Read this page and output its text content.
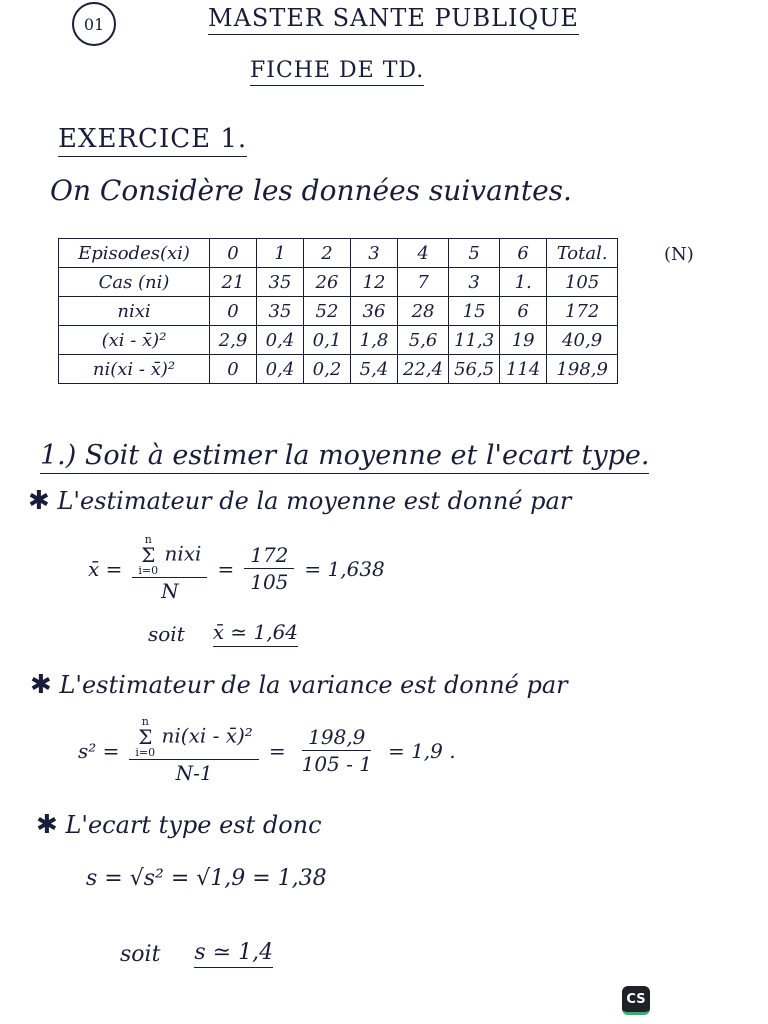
01	MASTER SANTE PUBLIQUE
FICHE DE TD.
EXERCICE 1.
On Considère les données suivantes.
Episodes(xi)	0	1	2	3	4	5	6	Total.
Cas (ni)	21	35	26	12	7	3	1.	105
nixi	0	35	52	36	28	15	6	172
(xi - x̄)²	2,9	0,4	0,1	1,8	5,6	11,3	19	40,9
ni(xi - x̄)²	0	0,4	0,2	5,4	22,4	56,5	114	198,9
(N)
1.) Soit à estimer la moyenne et l'ecart type.
✱ L'estimateur de la moyenne est donné par
x̄ = n
Σ
i=0
nixi
$N = \frac{172}{105} = 1,638$
soit x̄ ≃ 1,64
✱ L'estimateur de la variance est donné par
s² = n
Σ
i=0
ni(xi - x̄)²
$N-1 = \frac{198,9}{105 - 1} = 1,9$ .
✱ L'ecart type est donc
s = √s² = √1,9 = 1,38
soit s ≃ 1,4
CS
